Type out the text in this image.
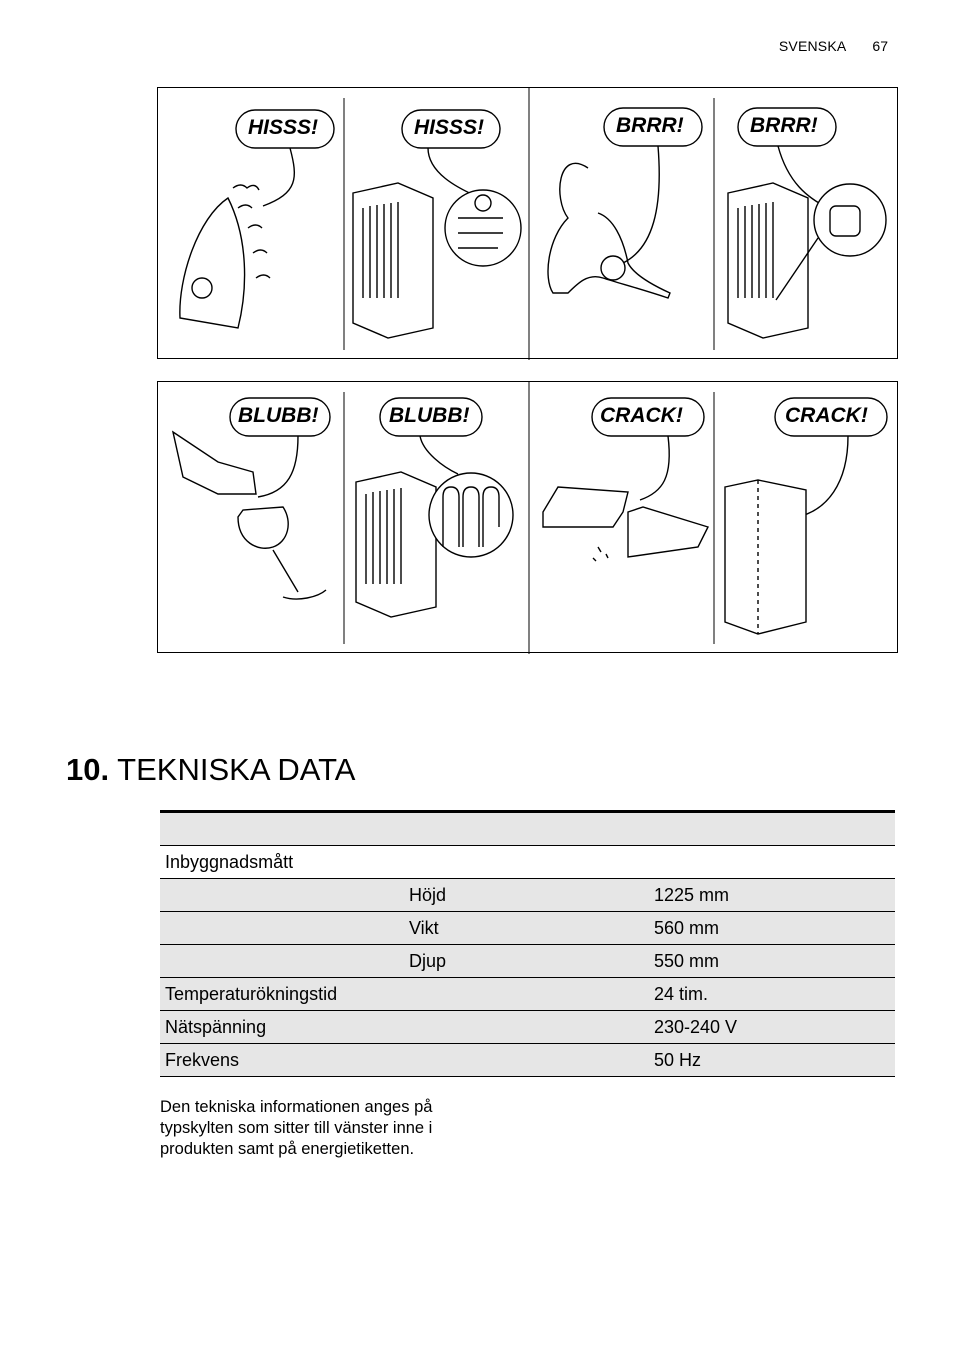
SVENSKA 67
HISSS!	HISSS!	BRRR!	BRRR!
BLUBB!	BLUBB!	CRACK!	CRACK!
10. TEKNISKA DATA

Inbyggnadsmått		
	Höjd	1225 mm
	Vikt	560 mm
	Djup	550 mm
Temperaturökningstid		24 tim.
Nätspänning		230-240 V
Frekvens		50 Hz

Den tekniska informationen anges på typskylten som sitter till vänster inne i produkten samt på energietiketten.
